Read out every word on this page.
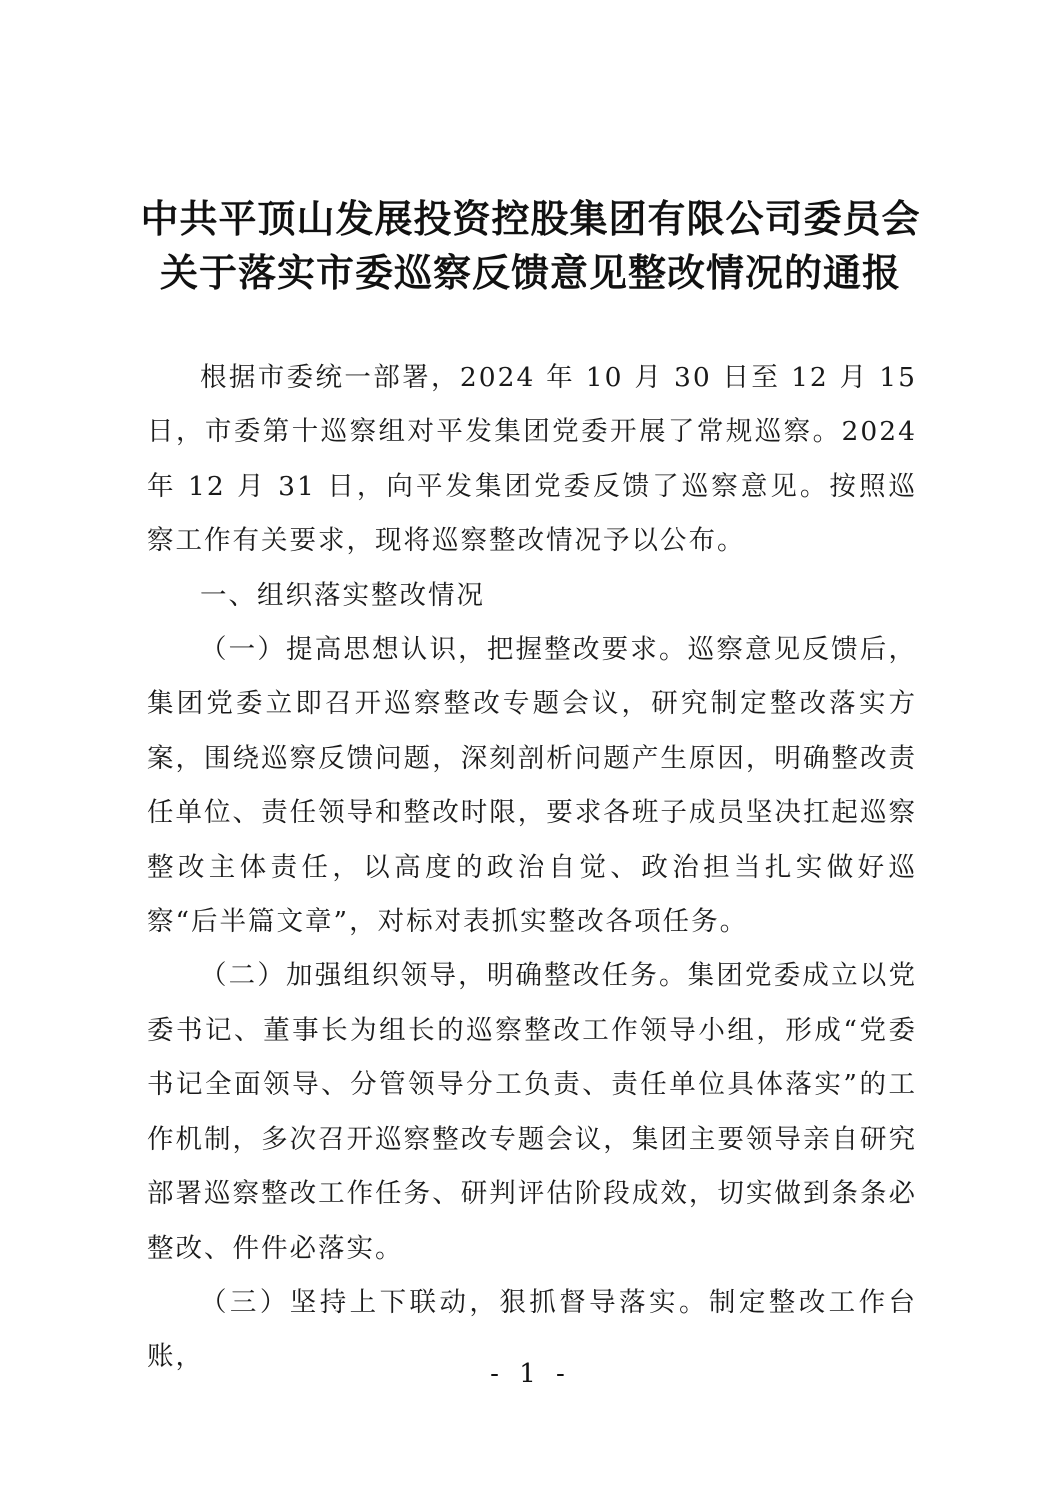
中共平顶山发展投资控股集团有限公司委员会
关于落实市委巡察反馈意见整改情况的通报

根据市委统一部署，2024 年 10 月 30 日至 12 月 15 日，市委第十巡察组对平发集团党委开展了常规巡察。2024 年 12 月 31 日，向平发集团党委反馈了巡察意见。按照巡察工作有关要求，现将巡察整改情况予以公布。

一、组织落实整改情况

（一）提高思想认识，把握整改要求。巡察意见反馈后，集团党委立即召开巡察整改专题会议，研究制定整改落实方案，围绕巡察反馈问题，深刻剖析问题产生原因，明确整改责任单位、责任领导和整改时限，要求各班子成员坚决扛起巡察整改主体责任，以高度的政治自觉、政治担当扎实做好巡察“后半篇文章”，对标对表抓实整改各项任务。

（二）加强组织领导，明确整改任务。集团党委成立以党委书记、董事长为组长的巡察整改工作领导小组，形成“党委书记全面领导、分管领导分工负责、责任单位具体落实”的工作机制，多次召开巡察整改专题会议，集团主要领导亲自研究部署巡察整改工作任务、研判评估阶段成效，切实做到条条必整改、件件必落实。

（三）坚持上下联动，狠抓督导落实。制定整改工作台账，

- 1 -
